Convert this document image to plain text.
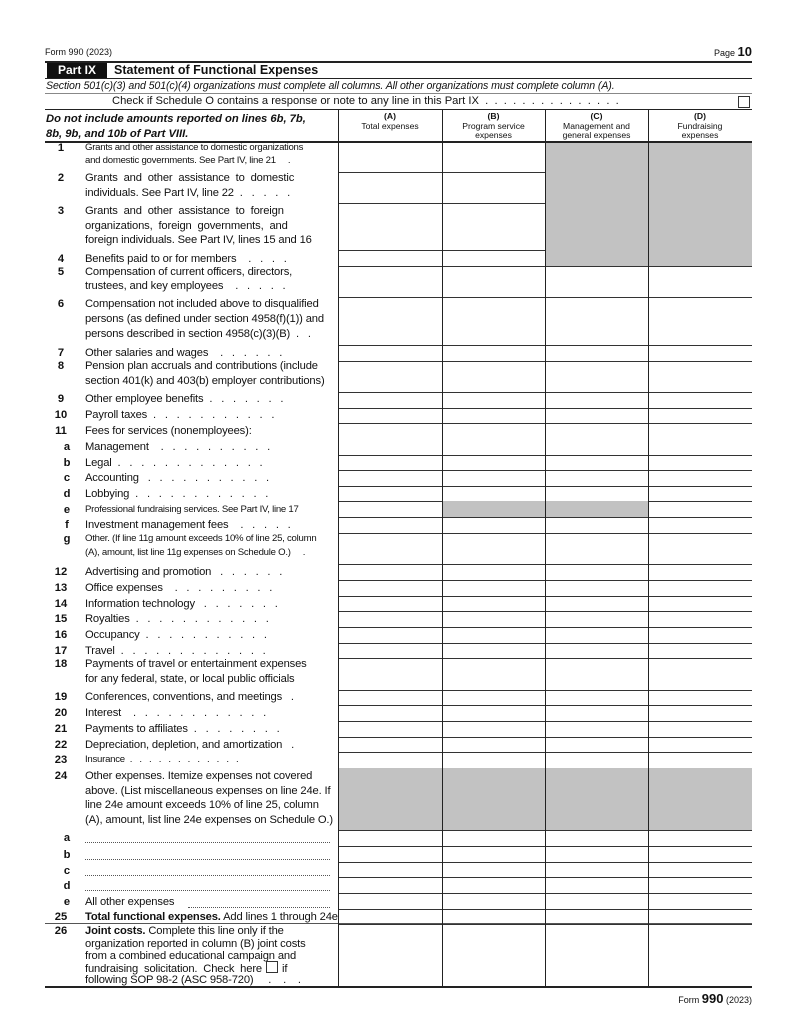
Form 990 (2023)	Page 10
Part IX	Statement of Functional Expenses
Section 501(c)(3) and 501(c)(4) organizations must complete all columns. All other organizations must complete column (A).
Check if Schedule O contains a response or note to any line in this Part IX  .  .  .  .  .  .  .  .  .  .  .  .  .  .  .
Do not include amounts reported on lines 6b, 7b,
8b, 9b, and 10b of Part VIII.
(A)
Total expenses
(B)
Program service
expenses
(C)
Management and
general expenses
(D)
Fundraising
expenses
1	Grants and other assistance to domestic organizations
and domestic governments. See Part IV, line 21     .
2	Grants  and  other  assistance  to  domestic
individuals. See Part IV, line 22  .   .   .   .   .
3	Grants  and  other  assistance  to  foreign
organizations,  foreign  governments,  and
foreign individuals. See Part IV, lines 15 and 16
4	Benefits paid to or for members    .   .   .   .
5	Compensation of current officers, directors,
trustees, and key employees    .   .   .   .   .
6	Compensation not included above to disqualified
persons (as defined under section 4958(f)(1)) and
persons described in section 4958(c)(3)(B)  .   .
7	Other salaries and wages    .   .   .   .   .   .
8	Pension plan accruals and contributions (include
section 401(k) and 403(b) employer contributions)
9	Other employee benefits  .   .   .   .   .   .   .
10	Payroll taxes  .   .   .   .   .   .   .   .   .   .   .
11	Fees for services (nonemployees):
a	Management    .   .   .   .   .   .   .   .   .   .
b	Legal  .   .   .   .   .   .   .   .   .   .   .   .   .
c	Accounting   .   .   .   .   .   .   .   .   .   .   .
d	Lobbying  .   .   .   .   .   .   .   .   .   .   .   .
e	Professional fundraising services. See Part IV, line 17
f	Investment management fees    .   .   .   .   .
g	Other. (If line 11g amount exceeds 10% of line 25, column
(A), amount, list line 11g expenses on Schedule O.)     .
12	Advertising and promotion   .   .   .   .   .   .
13	Office expenses    .   .   .   .   .   .   .   .   .
14	Information technology   .   .   .   .   .   .   .
15	Royalties  .   .   .   .   .   .   .   .   .   .   .   .
16	Occupancy  .   .   .   .   .   .   .   .   .   .   .
17	Travel  .   .   .   .   .   .   .   .   .   .   .   .   .
18	Payments of travel or entertainment expenses
for any federal, state, or local public officials
19	Conferences, conventions, and meetings   .
20	Interest    .   .   .   .   .   .   .   .   .   .   .   .
21	Payments to affiliates  .   .   .   .   .   .   .   .
22	Depreciation, depletion, and amortization   .
23	Insurance  .   .   .   .   .   .   .   .   .   .   .   .
24	Other expenses. Itemize expenses not covered
above. (List miscellaneous expenses on line 24e. If
line 24e amount exceeds 10% of line 25, column
(A), amount, list line 24e expenses on Schedule O.)
a
b
c
d
e	All other expenses
25	Total functional expenses. Add lines 1 through 24e
26	Joint costs. Complete this line only if the
organization reported in column (B) joint costs
from a combined educational campaign and
fundraising  solicitation.  Check  here if
following SOP 98-2 (ASC 958-720)     .    .    .
Form 990 (2023)
